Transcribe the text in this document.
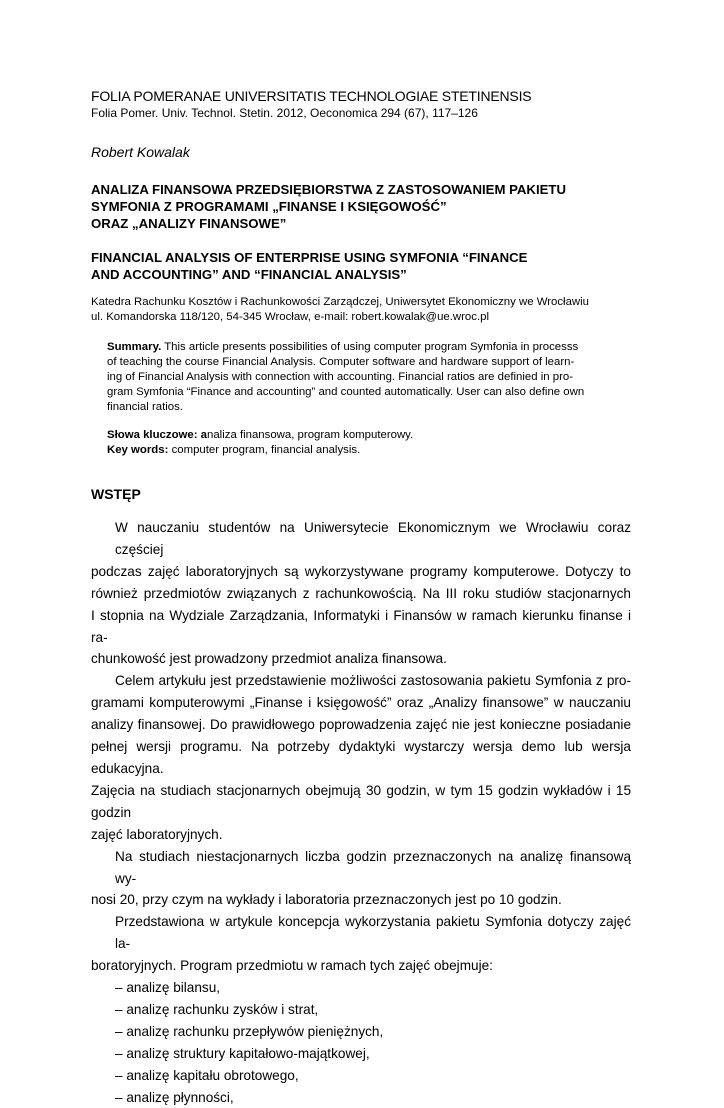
FOLIA POMERANAE UNIVERSITATIS TECHNOLOGIAE STETINENSIS
Folia Pomer. Univ. Technol. Stetin. 2012, Oeconomica 294 (67), 117–126
Robert Kowalak
ANALIZA FINANSOWA PRZEDSIĘBIORSTWA Z ZASTOSOWANIEM PAKIETU
SYMFONIA Z PROGRAMAMI „FINANSE I KSIĘGOWOŚĆ”
ORAZ „ANALIZY FINANSOWE”
FINANCIAL ANALYSIS OF ENTERPRISE USING SYMFONIA “FINANCE
AND ACCOUNTING” AND “FINANCIAL ANALYSIS”
Katedra Rachunku Kosztów i Rachunkowości Zarządczej, Uniwersytet Ekonomiczny we Wrocławiu
ul. Komandorska 118/120, 54-345 Wrocław, e-mail: robert.kowalak@ue.wroc.pl
Summary. This article presents possibilities of using computer program Symfonia in processs
of teaching the course Financial Analysis. Computer software and hardware support of learn-
ing of Financial Analysis with connection with accounting. Financial ratios are definied in pro-
gram Symfonia “Finance and accounting” and counted automatically. User can also define own
financial ratios.
Słowa kluczowe: analiza finansowa, program komputerowy.
Key words: computer program, financial analysis.
WSTĘP
W nauczaniu studentów na Uniwersytecie Ekonomicznym we Wrocławiu coraz częściej
podczas zajęć laboratoryjnych są wykorzystywane programy komputerowe. Dotyczy to
również przedmiotów związanych z rachunkowością. Na III roku studiów stacjonarnych
I stopnia na Wydziale Zarządzania, Informatyki i Finansów w ramach kierunku finanse i ra-
chunkowość jest prowadzony przedmiot analiza finansowa.
Celem artykułu jest przedstawienie możliwości zastosowania pakietu Symfonia z pro-
gramami komputerowymi „Finanse i księgowość” oraz „Analizy finansowe” w nauczaniu
analizy finansowej. Do prawidłowego poprowadzenia zajęć nie jest konieczne posiadanie
pełnej wersji programu. Na potrzeby dydaktyki wystarczy wersja demo lub wersja edukacyjna.
Zajęcia na studiach stacjonarnych obejmują 30 godzin, w tym 15 godzin wykładów i 15 godzin
zajęć laboratoryjnych.
Na studiach niestacjonarnych liczba godzin przeznaczonych na analizę finansową wy-
nosi 20, przy czym na wykłady i laboratoria przeznaczonych jest po 10 godzin.
Przedstawiona w artykule koncepcja wykorzystania pakietu Symfonia dotyczy zajęć la-
boratoryjnych. Program przedmiotu w ramach tych zajęć obejmuje:
– analizę bilansu,
– analizę rachunku zysków i strat,
– analizę rachunku przepływów pieniężnych,
– analizę struktury kapitałowo-majątkowej,
– analizę kapitału obrotowego,
– analizę płynności,
